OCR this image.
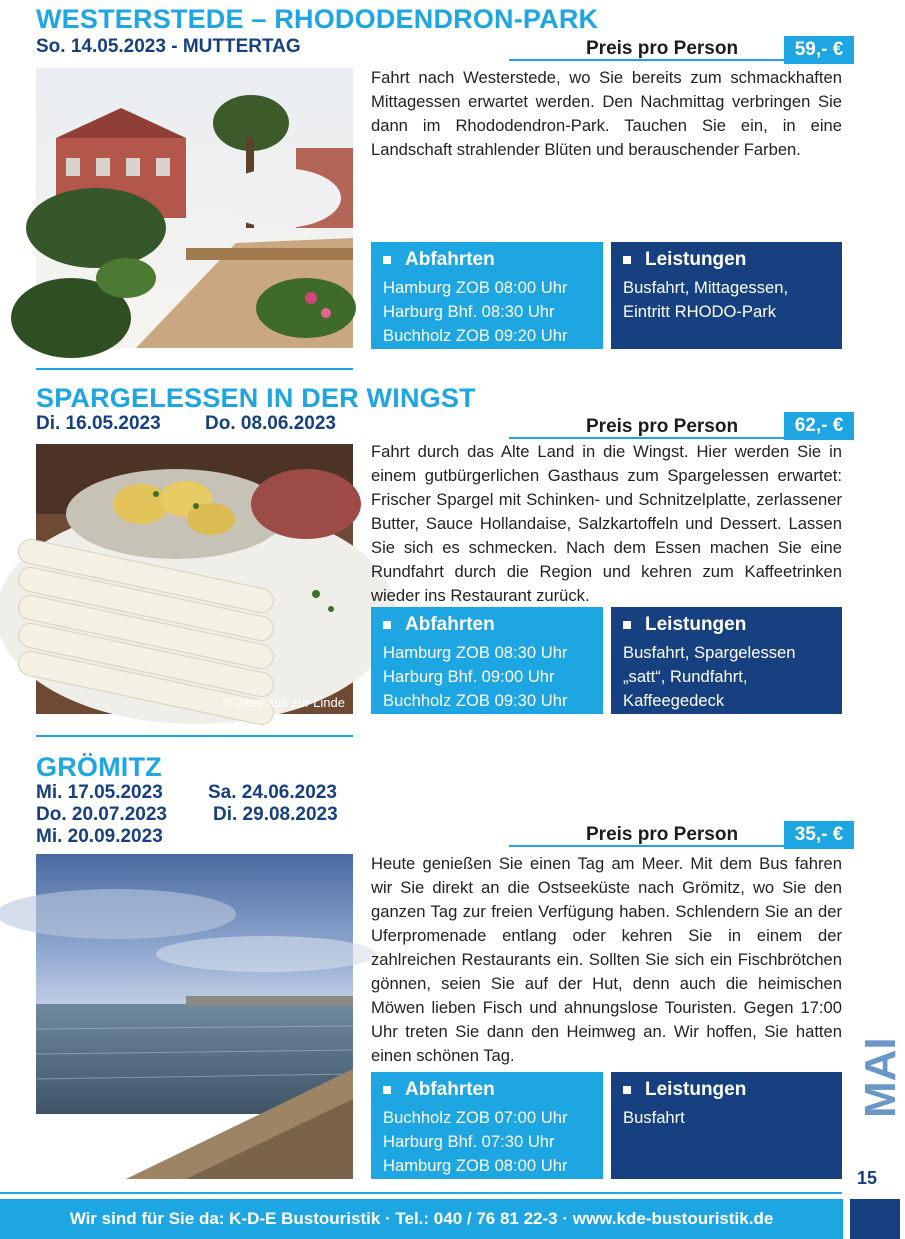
WESTERSTEDE – RHODODENDRON-PARK
So. 14.05.2023 - MUTTERTAG	Preis pro Person	59,- €
Fahrt nach Westerstede, wo Sie bereits zum schmackhaften Mittagessen erwartet werden. Den Nachmittag verbringen Sie dann im Rhododendron-Park. Tauchen Sie ein, in eine Landschaft strahlender Blüten und berauschender Farben.
Abfahrten
Hamburg ZOB 08:00 Uhr
Harburg Bhf. 08:30 Uhr
Buchholz ZOB 09:20 Uhr
Leistungen
Busfahrt, Mittagessen, Eintritt RHODO-Park
SPARGELESSEN IN DER WINGST
Di. 16.05.2023 Do. 08.06.2023	Preis pro Person	62,- €
©Gasthaus zur Linde
Fahrt durch das Alte Land in die Wingst. Hier werden Sie in einem gutbürgerlichen Gasthaus zum Spargelessen erwartet: Frischer Spargel mit Schinken- und Schnitzelplatte, zerlassener Butter, Sauce Hollandaise, Salzkartoffeln und Dessert. Lassen Sie sich es schmecken. Nach dem Essen machen Sie eine Rundfahrt durch die Region und kehren zum Kaffeetrinken wieder ins Restaurant zurück.
Abfahrten
Hamburg ZOB 08:30 Uhr
Harburg Bhf. 09:00 Uhr
Buchholz ZOB 09:30 Uhr
Leistungen
Busfahrt, Spargelessen „satt“, Rundfahrt, Kaffeegedeck
GRÖMITZ
Mi. 17.05.2023 Sa. 24.06.2023
Do. 20.07.2023 Di. 29.08.2023
Mi. 20.09.2023	Preis pro Person	35,- €
Heute genießen Sie einen Tag am Meer. Mit dem Bus fahren wir Sie direkt an die Ostseeküste nach Grömitz, wo Sie den ganzen Tag zur freien Verfügung haben. Schlendern Sie an der Uferpromenade entlang oder kehren Sie in einem der zahlreichen Restaurants ein. Sollten Sie sich ein Fischbrötchen gönnen, seien Sie auf der Hut, denn auch die heimischen Möwen lieben Fisch und ahnungslose Touristen. Gegen 17:00 Uhr treten Sie dann den Heimweg an. Wir hoffen, Sie hatten einen schönen Tag.
Abfahrten
Buchholz ZOB 07:00 Uhr
Harburg Bhf. 07:30 Uhr
Hamburg ZOB 08:00 Uhr
Leistungen
Busfahrt	MAI
15
Wir sind für Sie da: K-D-E Bustouristik · Tel.: 040 / 76 81 22-3 · www.kde-bustouristik.de
